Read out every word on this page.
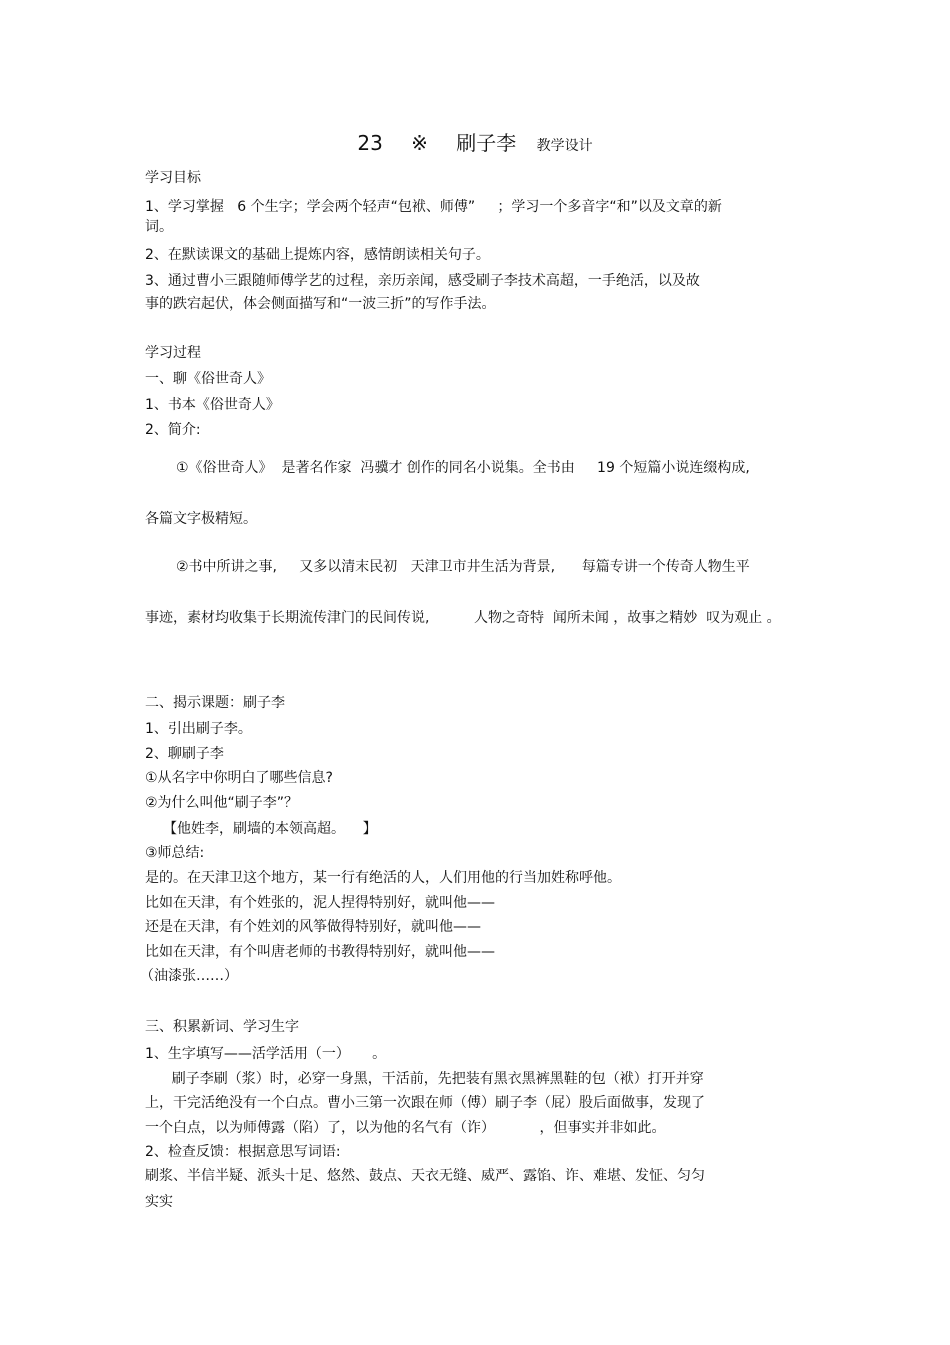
23 ※ 刷子李 教学设计
学习目标
1、学习掌握   6 个生字；学会两个轻声“包袱、师傅”     ；学习一个多音字“和”以及文章的新
词。
2、在默读课文的基础上提炼内容，感情朗读相关句子。
3、通过曹小三跟随师傅学艺的过程，亲历亲闻，感受刷子李技术高超，一手绝活，以及故
事的跌宕起伏，体会侧面描写和“一波三折”的写作手法。
学习过程
一、聊《俗世奇人》
1、书本《俗世奇人》
2、简介:
①《俗世奇人》  是著名作家  冯骥才 创作的同名小说集。全书由     19 个短篇小说连缀构成,
各篇文字极精短。
②书中所讲之事,     又多以清末民初   天津卫市井生活为背景,      每篇专讲一个传奇人物生平
事迹，素材均收集于长期流传津门的民间传说,          人物之奇特  闻所未闻 ，故事之精妙  叹为观止 。
二、揭示课题：刷子李
1、引出刷子李。
2、聊刷子李
①从名字中你明白了哪些信息?
②为什么叫他“刷子李”？
【他姓李，刷墙的本领高超。    】
③师总结:
是的。在天津卫这个地方，某一行有绝活的人，人们用他的行当加姓称呼他。
比如在天津，有个姓张的，泥人捏得特别好，就叫他——
还是在天津，有个姓刘的风筝做得特别好，就叫他——
比如在天津，有个叫唐老师的书教得特别好，就叫他——
（油漆张……）
三、积累新词、学习生字
1、生字填写——活学活用（一）     。
刷子李刷（浆）时，必穿一身黑，干活前，先把装有黑衣黑裤黑鞋的包（袱）打开并穿
上，干完活绝没有一个白点。曹小三第一次跟在师（傅）刷子李（屁）股后面做事，发现了
一个白点，以为师傅露（陷）了，以为他的名气有（诈）          ，但事实并非如此。
2、检查反馈：根据意思写词语:
刷浆、半信半疑、派头十足、悠然、鼓点、天衣无缝、威严、露馅、诈、难堪、发怔、匀匀
实实
